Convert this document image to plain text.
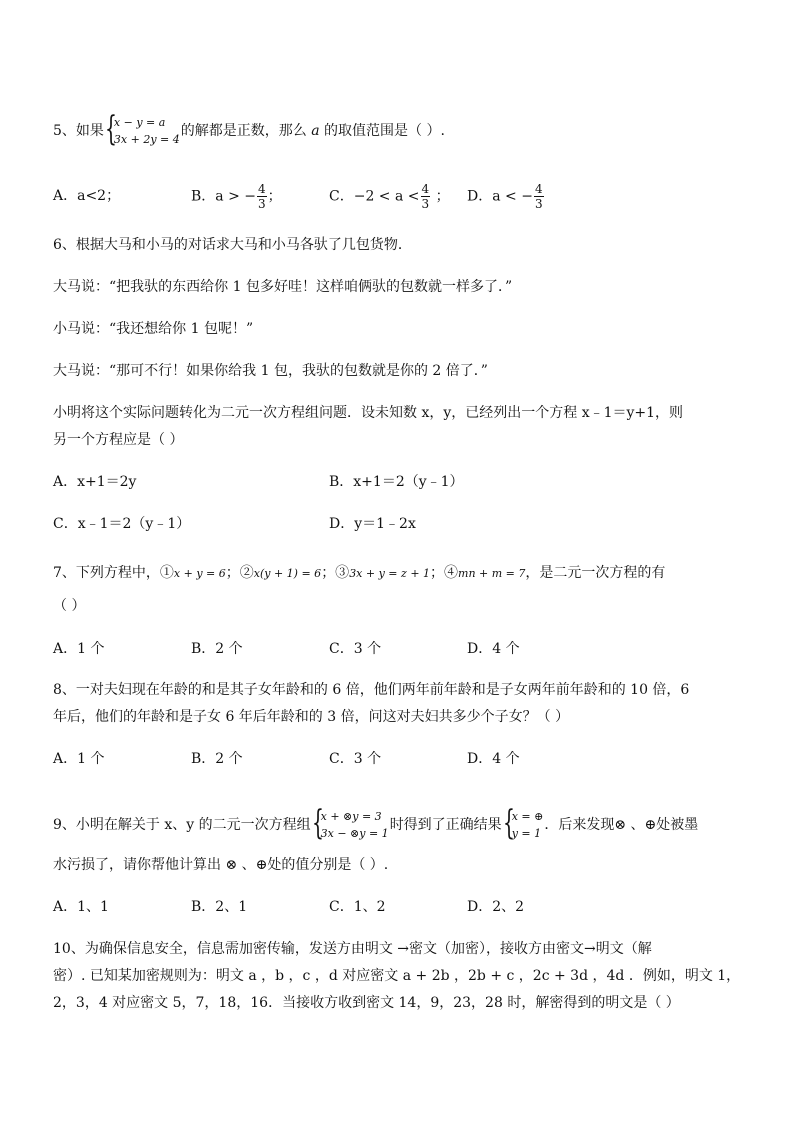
5、如果 {
x − y = a
3x + 2y = 4
的解都是正数，那么 a 的取值范围是（ ）.
A．a<2；	B．a > − $\frac{4}{3}$ ；	C．$-2 < a < \frac{4}{3}$ ； D．a < − $\frac{4}{3}$
6、根据大马和小马的对话求大马和小马各驮了几包货物．
大马说：“把我驮的东西给你 1 包多好哇！这样咱俩驮的包数就一样多了．”
小马说：“我还想给你 1 包呢！”
大马说：“那可不行！如果你给我 1 包，我驮的包数就是你的 2 倍了．”
小明将这个实际问题转化为二元一次方程组问题．设未知数 x，y，已经列出一个方程 x﹣1＝y+1，则
另一个方程应是（ ）
A．x+1＝2y	B．x+1＝2（y﹣1）
C．x﹣1＝2（y﹣1）	D．y＝1﹣2x
7、下列方程中，①x + y = 6；②x(y + 1) = 6；③3x + y = z + 1；④mn + m = 7，是二元一次方程的有
（ ）
A．1 个	B．2 个	C．3 个	D．4 个
8、一对夫妇现在年龄的和是其子女年龄和的 6 倍，他们两年前年龄和是子女两年前年龄和的 10 倍，6
年后，他们的年龄和是子女 6 年后年龄和的 3 倍，问这对夫妇共多少个子女？（ ）
A．1 个	B．2 个	C．3 个	D．4 个
9、小明在解关于 x、y 的二元一次方程组 {
x + ⊗y = 3
3x − ⊗y = 1
时得到了正确结果 {
x = ⊕
y = 1
．后来发现⊗ 、⊕处被墨
水污损了，请你帮他计算出 ⊗ 、⊕处的值分别是（ ）.
A．1、1	B．2、1	C．1、2	D．2、2
10、为确保信息安全，信息需加密传输，发送方由明文 →密文（加密），接收方由密文→明文（解
密）. 已知某加密规则为：明文 a ，b ，c ，d 对应密文 a + 2b ，2b + c ，2c + 3d ，4d ．例如，明文 1，
2，3，4 对应密文 5，7，18，16．当接收方收到密文 14，9，23，28 时，解密得到的明文是（ ）
